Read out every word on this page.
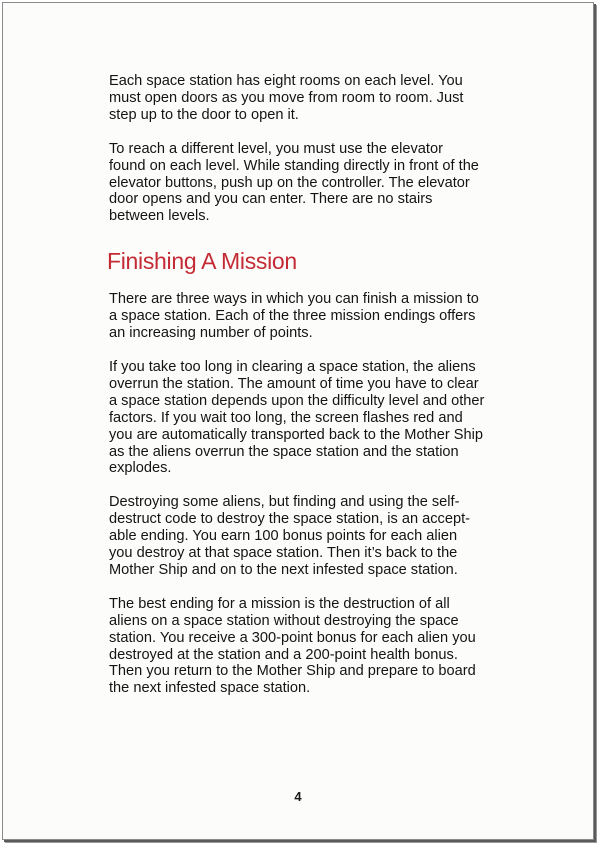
Each space station has eight rooms on each level. You
must open doors as you move from room to room. Just
step up to the door to open it.

To reach a different level, you must use the elevator
found on each level. While standing directly in front of the
elevator buttons, push up on the controller. The elevator
door opens and you can enter. There are no stairs
between levels.

Finishing A Mission

There are three ways in which you can finish a mission to
a space station. Each of the three mission endings offers
an increasing number of points.

If you take too long in clearing a space station, the aliens
overrun the station. The amount of time you have to clear
a space station depends upon the difficulty level and other
factors. If you wait too long, the screen flashes red and
you are automatically transported back to the Mother Ship
as the aliens overrun the space station and the station
explodes.

Destroying some aliens, but finding and using the self-
destruct code to destroy the space station, is an accept-
able ending. You earn 100 bonus points for each alien
you destroy at that space station. Then it’s back to the
Mother Ship and on to the next infested space station.

The best ending for a mission is the destruction of all
aliens on a space station without destroying the space
station. You receive a 300-point bonus for each alien you
destroyed at the station and a 200-point health bonus.
Then you return to the Mother Ship and prepare to board
the next infested space station.

4
